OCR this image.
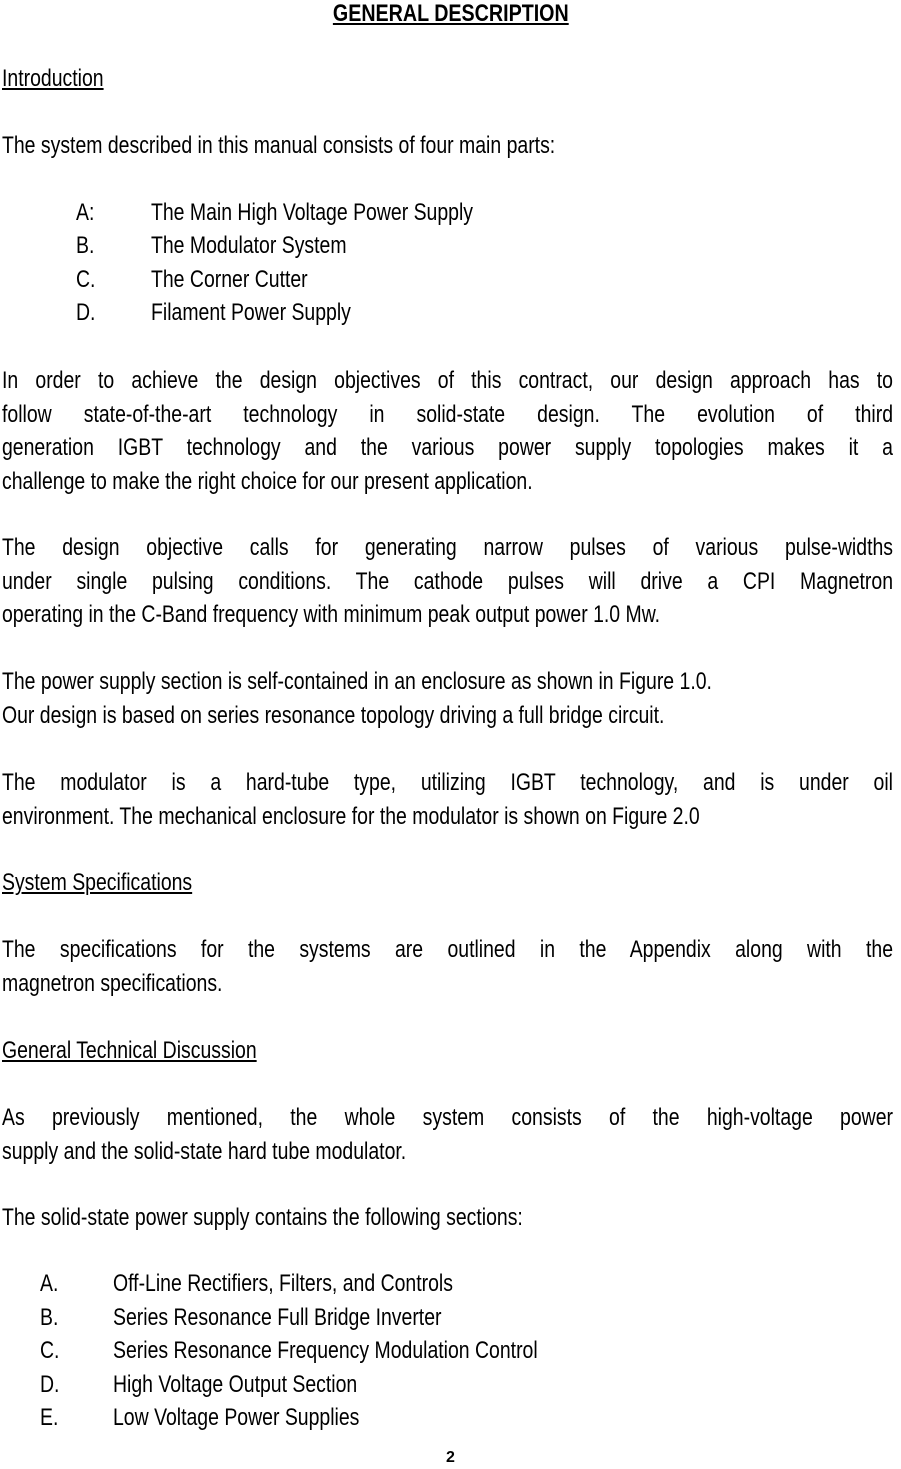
GENERAL DESCRIPTION
Introduction
The system described in this manual consists of four main parts:
A: The Main High Voltage Power Supply
B. The Modulator System
C. The Corner Cutter
D. Filament Power Supply
In order to achieve the design objectives of this contract, our design approach has to
follow state-of-the-art technology in solid-state design. The evolution of third
generation IGBT technology and the various power supply topologies makes it a
challenge to make the right choice for our present application.
The design objective calls for generating narrow pulses of various pulse-widths
under single pulsing conditions. The cathode pulses will drive a CPI Magnetron
operating in the C-Band frequency with minimum peak output power 1.0 Mw.
The power supply section is self-contained in an enclosure as shown in Figure 1.0.
Our design is based on series resonance topology driving a full bridge circuit.
The modulator is a hard-tube type, utilizing IGBT technology, and is under oil
environment. The mechanical enclosure for the modulator is shown on Figure 2.0
System Specifications
The specifications for the systems are outlined in the Appendix along with the
magnetron specifications.
General Technical Discussion
As previously mentioned, the whole system consists of the high-voltage power
supply and the solid-state hard tube modulator.
The solid-state power supply contains the following sections:
A. Off-Line Rectifiers, Filters, and Controls
B. Series Resonance Full Bridge Inverter
C. Series Resonance Frequency Modulation Control
D. High Voltage Output Section
E. Low Voltage Power Supplies
2
